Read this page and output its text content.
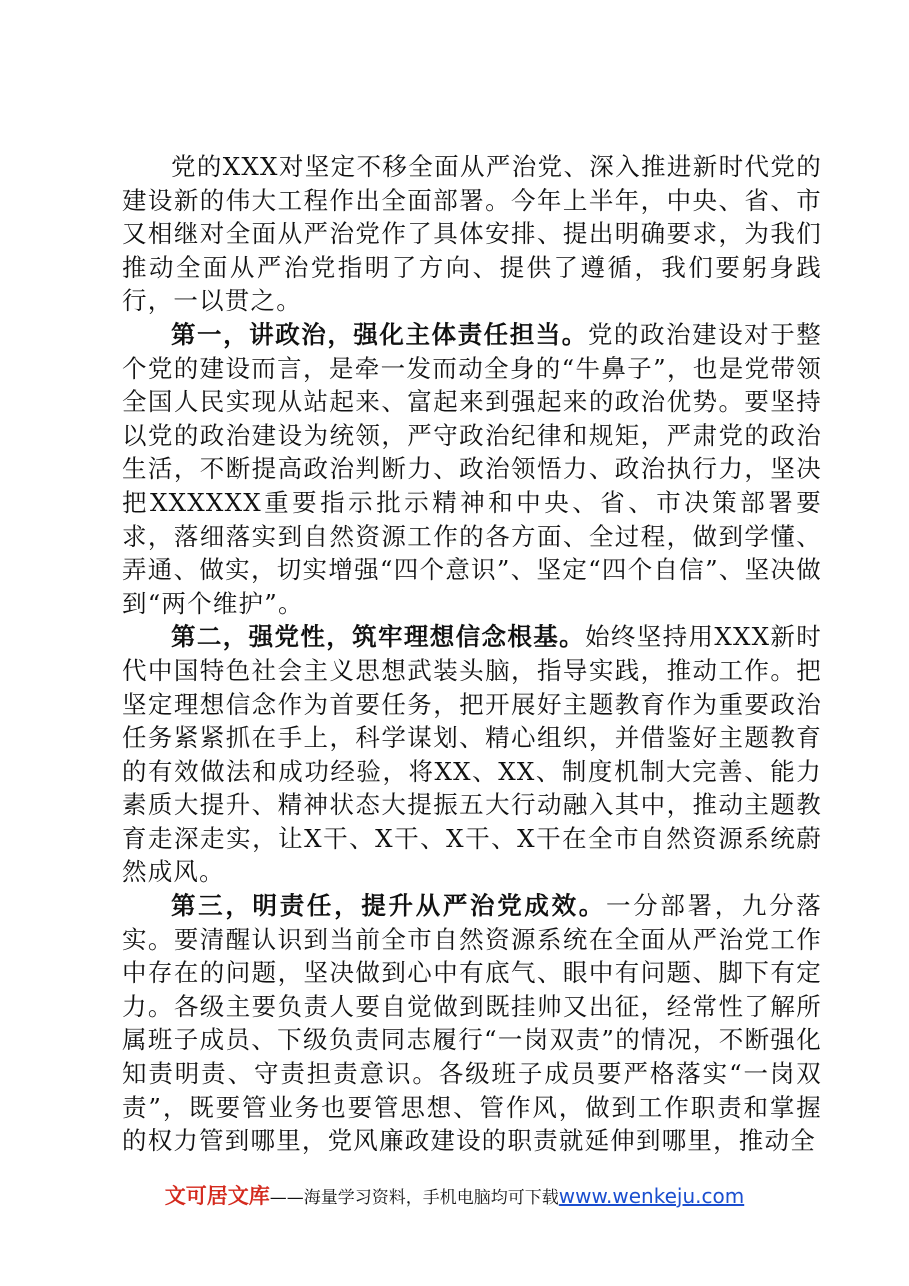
党的XXX对坚定不移全面从严治党、深入推进新时代党的建设新的伟大工程作出全面部署。今年上半年，中央、省、市又相继对全面从严治党作了具体安排、提出明确要求，为我们推动全面从严治党指明了方向、提供了遵循，我们要躬身践行，一以贯之。

第一，讲政治，强化主体责任担当。党的政治建设对于整个党的建设而言，是牵一发而动全身的“牛鼻子”，也是党带领全国人民实现从站起来、富起来到强起来的政治优势。要坚持以党的政治建设为统领，严守政治纪律和规矩，严肃党的政治生活，不断提高政治判断力、政治领悟力、政治执行力，坚决把XXXXXX重要指示批示精神和中央、省、市决策部署要求，落细落实到自然资源工作的各方面、全过程，做到学懂、弄通、做实，切实增强“四个意识”、坚定“四个自信”、坚决做到“两个维护”。

第二，强党性，筑牢理想信念根基。始终坚持用XXX新时代中国特色社会主义思想武装头脑，指导实践，推动工作。把坚定理想信念作为首要任务，把开展好主题教育作为重要政治任务紧紧抓在手上，科学谋划、精心组织，并借鉴好主题教育的有效做法和成功经验，将XX、XX、制度机制大完善、能力素质大提升、精神状态大提振五大行动融入其中，推动主题教育走深走实，让X干、X干、X干、X干在全市自然资源系统蔚然成风。

第三，明责任，提升从严治党成效。一分部署，九分落实。要清醒认识到当前全市自然资源系统在全面从严治党工作中存在的问题，坚决做到心中有底气、眼中有问题、脚下有定力。各级主要负责人要自觉做到既挂帅又出征，经常性了解所属班子成员、下级负责同志履行“一岗双责”的情况，不断强化知责明责、守责担责意识。各级班子成员要严格落实“一岗双责”，既要管业务也要管思想、管作风，做到工作职责和掌握的权力管到哪里，党风廉政建设的职责就延伸到哪里，推动全

文可居文库——海量学习资料，手机电脑均可下载www.wenkeju.com
